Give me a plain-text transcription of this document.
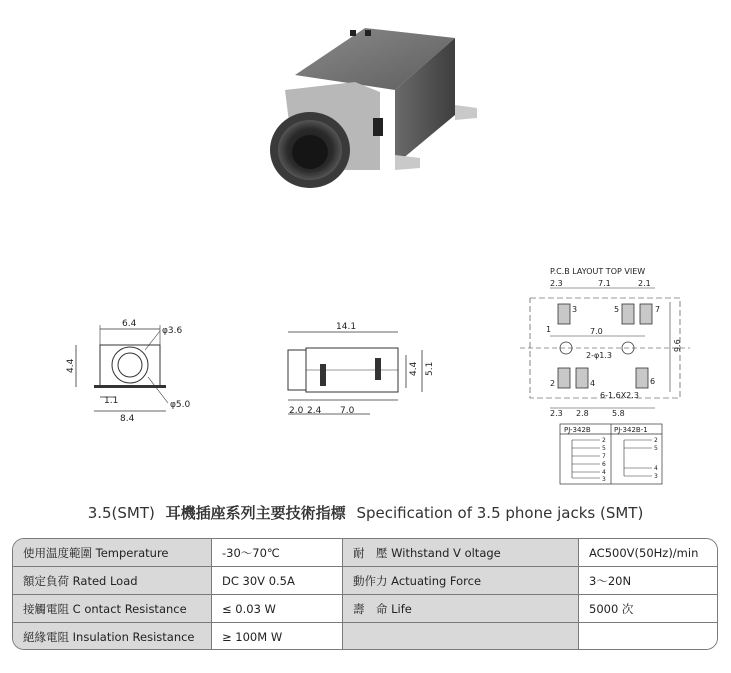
6.4
φ3.6
4.4
1.1
8.4
φ5.0
14.1
4.4 5.1
2.0 2.4 7.0
P.C.B LAYOUT TOP VIEW
2.3	7.1	2.1
7.0
2-φ1.3
9.6
6-1.6X2.3
2.3 2.8	5.8
1
2
3
4
5
6
7
PJ-342B	PJ-342B-1
2
5
7
6
4
3
2
5
4
3
3.5(SMT) 耳機插座系列主要技術指標 Specification of 3.5 phone jacks (SMT)
使用温度範圍 Temperature	-30～70℃	耐　壓 Withstand V oltage	AC500V(50Hz)/min
額定負荷 Rated Load	DC 30V 0.5A	動作力 Actuating Force	3～20N
接觸電阻 C ontact Resistance	≤ 0.03 W	壽　命 Life	5000 次
絕緣電阻 Insulation Resistance	≥ 100M W
